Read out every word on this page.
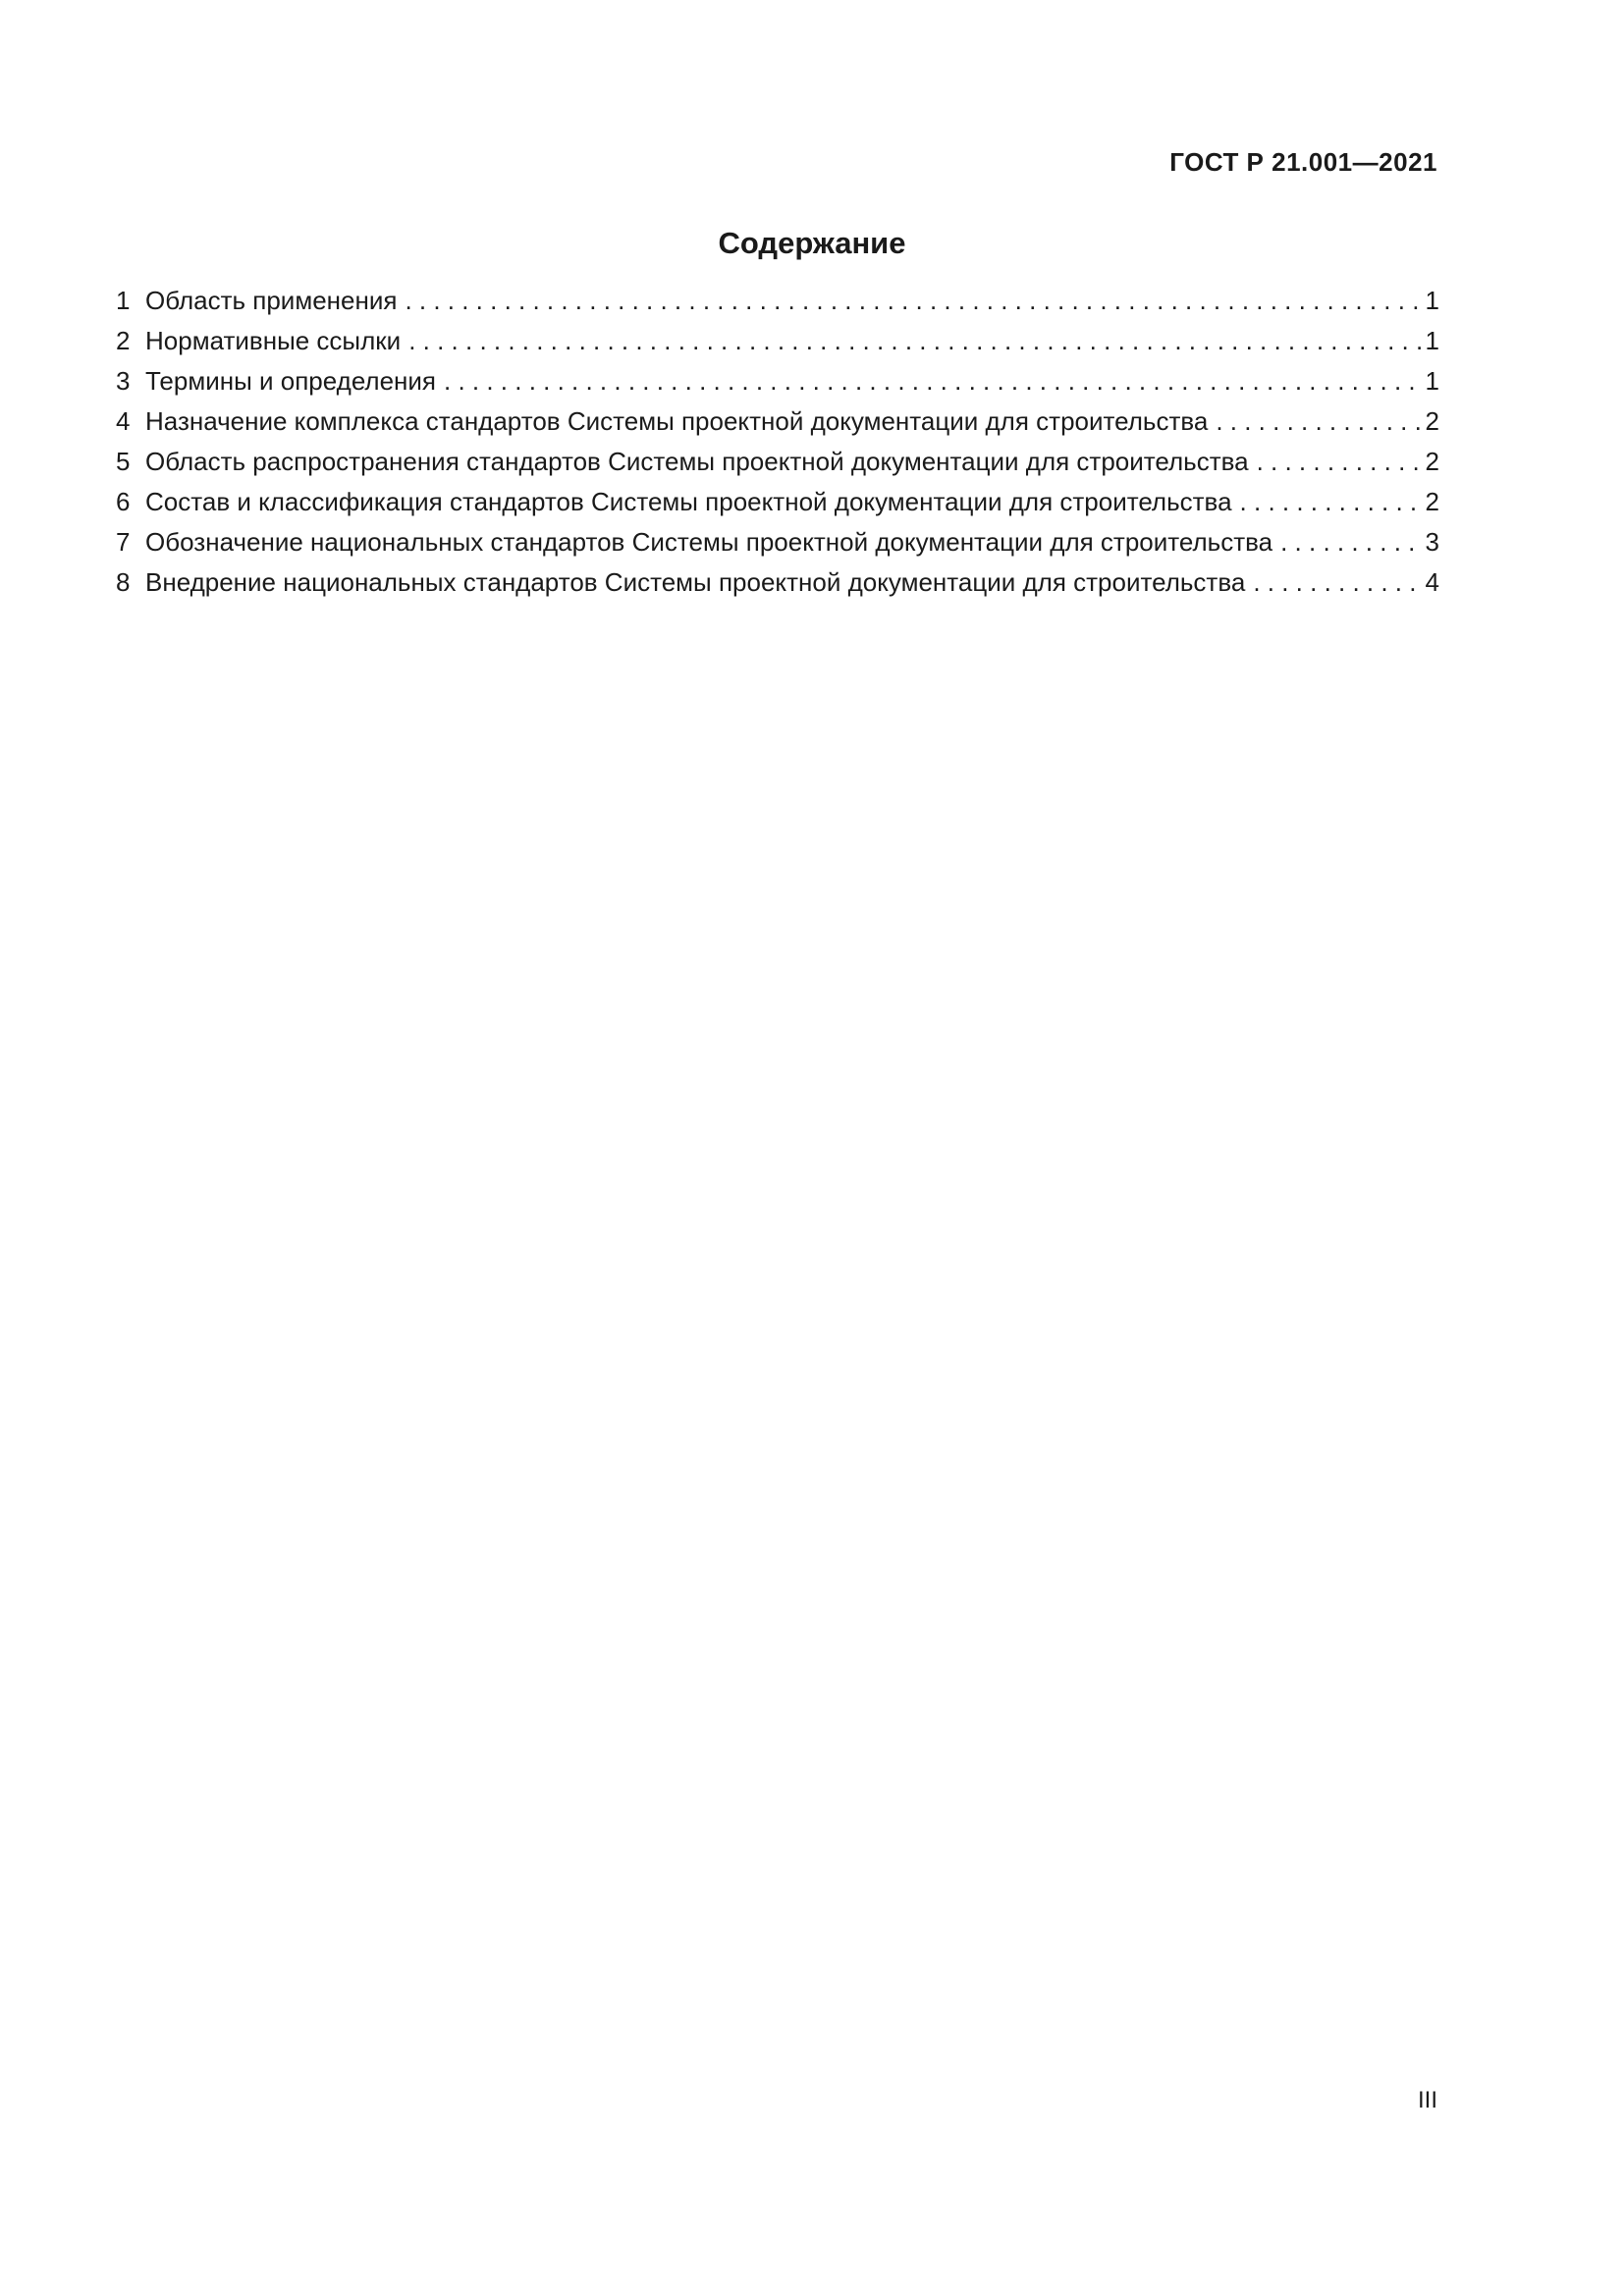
ГОСТ Р 21.001—2021
Содержание
1 Область применения . . .	1
2 Нормативные ссылки . . .	1
3 Термины и определения . . .	1
4 Назначение комплекса стандартов Системы проектной документации для строительства . . .	2
5 Область распространения стандартов Системы проектной документации для строительства . . .	2
6 Состав и классификация стандартов Системы проектной документации для строительства . . .	2
7 Обозначение национальных стандартов Системы проектной документации для строительства . . .	3
8 Внедрение национальных стандартов Системы проектной документации для строительства . . .	4
III
